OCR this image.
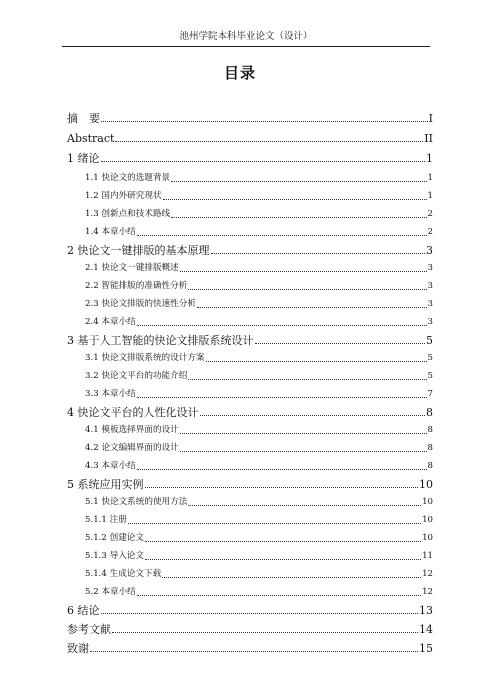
池州学院本科毕业论文（设计）
目录
摘　要	I
Abstract	II
1 绪论	1
1.1 快论文的选题背景	1
1.2 国内外研究现状	1
1.3 创新点和技术路线	2
1.4 本章小结	2
2 快论文一键排版的基本原理	3
2.1 快论文一键排版概述	3
2.2 智能排版的准确性分析	3
2.3 快论文排版的快速性分析	3
2.4 本章小结	3
3 基于人工智能的快论文排版系统设计	5
3.1 快论文排版系统的设计方案	5
3.2 快论文平台的功能介绍	5
3.3 本章小结	7
4 快论文平台的人性化设计	8
4.1 模板选择界面的设计	8
4.2 论文编辑界面的设计	8
4.3 本章小结	8
5 系统应用实例	10
5.1 快论文系统的使用方法	10
5.1.1 注册	10
5.1.2 创建论文	10
5.1.3 导入论文	11
5.1.4 生成论文下载	12
5.2 本章小结	12
6 结论	13
参考文献	14
致谢	15
